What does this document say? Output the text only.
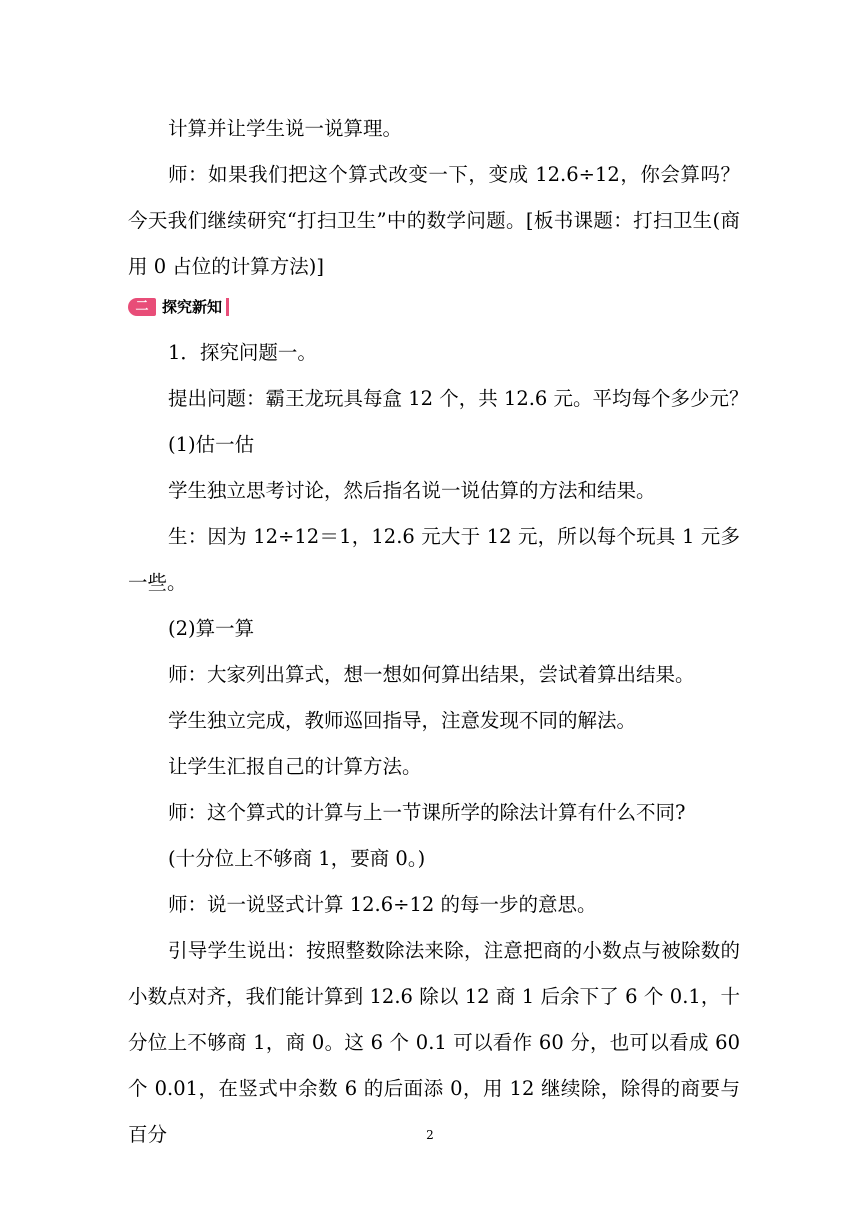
计算并让学生说一说算理。
师：如果我们把这个算式改变一下，变成 12.6÷12，你会算吗？今天我们继续研究“打扫卫生”中的数学问题。[板书课题：打扫卫生(商用 0 占位的计算方法)]
二 探究新知
1．探究问题一。
提出问题：霸王龙玩具每盒 12 个，共 12.6 元。平均每个多少元？
(1)估一估
学生独立思考讨论，然后指名说一说估算的方法和结果。
生：因为 12÷12＝1，12.6 元大于 12 元，所以每个玩具 1 元多一些。
(2)算一算
师：大家列出算式，想一想如何算出结果，尝试着算出结果。
学生独立完成，教师巡回指导，注意发现不同的解法。
让学生汇报自己的计算方法。
师：这个算式的计算与上一节课所学的除法计算有什么不同?
(十分位上不够商 1，要商 0。)
师：说一说竖式计算 12.6÷12 的每一步的意思。
引导学生说出：按照整数除法来除，注意把商的小数点与被除数的小数点对齐，我们能计算到 12.6 除以 12 商 1 后余下了 6 个 0.1，十分位上不够商 1，商 0。这 6 个 0.1 可以看作 60 分，也可以看成 60 个 0.01，在竖式中余数 6 的后面添 0，用 12 继续除，除得的商要与百分	2
